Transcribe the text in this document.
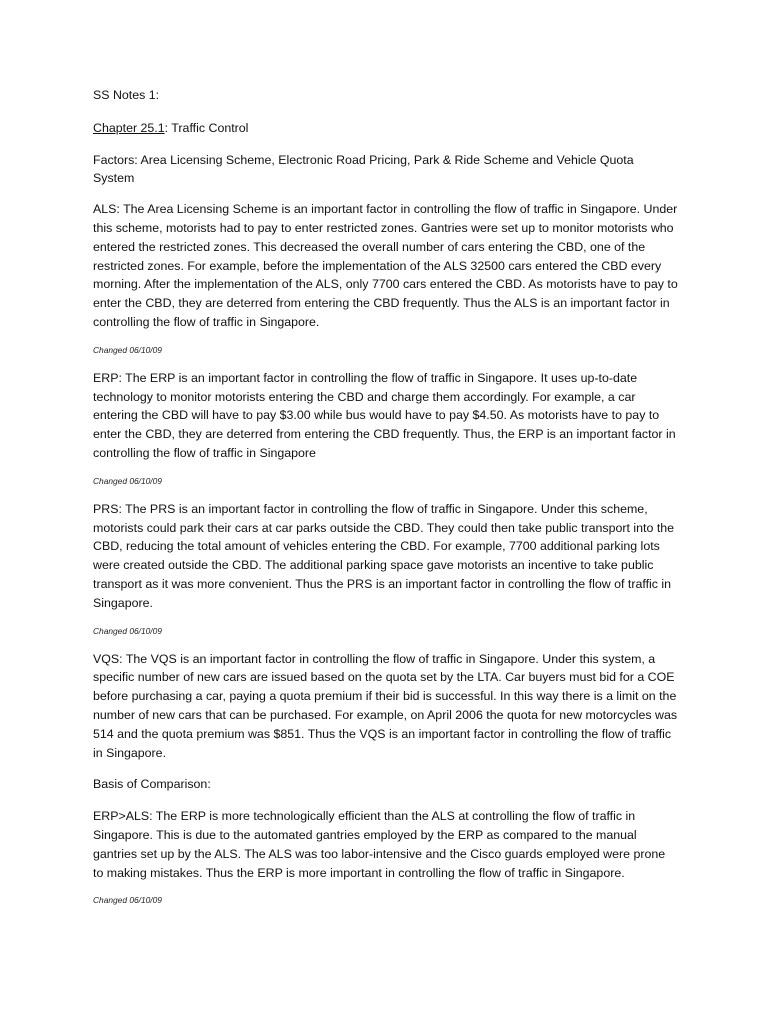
SS Notes 1:

Chapter 25.1: Traffic Control

Factors: Area Licensing Scheme, Electronic Road Pricing, Park & Ride Scheme and Vehicle Quota System

ALS: The Area Licensing Scheme is an important factor in controlling the flow of traffic in Singapore. Under this scheme, motorists had to pay to enter restricted zones. Gantries were set up to monitor motorists who entered the restricted zones. This decreased the overall number of cars entering the CBD, one of the restricted zones. For example, before the implementation of the ALS 32500 cars entered the CBD every morning. After the implementation of the ALS, only 7700 cars entered the CBD. As motorists have to pay to enter the CBD, they are deterred from entering the CBD frequently. Thus the ALS is an important factor in controlling the flow of traffic in Singapore.

Changed 06/10/09

ERP: The ERP is an important factor in controlling the flow of traffic in Singapore. It uses up-to-date technology to monitor motorists entering the CBD and charge them accordingly. For example, a car entering the CBD will have to pay $3.00 while bus would have to pay $4.50. As motorists have to pay to enter the CBD, they are deterred from entering the CBD frequently. Thus, the ERP is an important factor in controlling the flow of traffic in Singapore

Changed 06/10/09

PRS: The PRS is an important factor in controlling the flow of traffic in Singapore. Under this scheme, motorists could park their cars at car parks outside the CBD. They could then take public transport into the CBD, reducing the total amount of vehicles entering the CBD. For example, 7700 additional parking lots were created outside the CBD. The additional parking space gave motorists an incentive to take public transport as it was more convenient. Thus the PRS is an important factor in controlling the flow of traffic in Singapore.

Changed 06/10/09

VQS: The VQS is an important factor in controlling the flow of traffic in Singapore. Under this system, a specific number of new cars are issued based on the quota set by the LTA. Car buyers must bid for a COE before purchasing a car, paying a quota premium if their bid is successful. In this way there is a limit on the number of new cars that can be purchased. For example, on April 2006 the quota for new motorcycles was 514 and the quota premium was $851. Thus the VQS is an important factor in controlling the flow of traffic in Singapore.

Basis of Comparison:

ERP>ALS: The ERP is more technologically efficient than the ALS at controlling the flow of traffic in Singapore. This is due to the automated gantries employed by the ERP as compared to the manual gantries set up by the ALS. The ALS was too labor-intensive and the Cisco guards employed were prone to making mistakes. Thus the ERP is more important in controlling the flow of traffic in Singapore.

Changed 06/10/09
